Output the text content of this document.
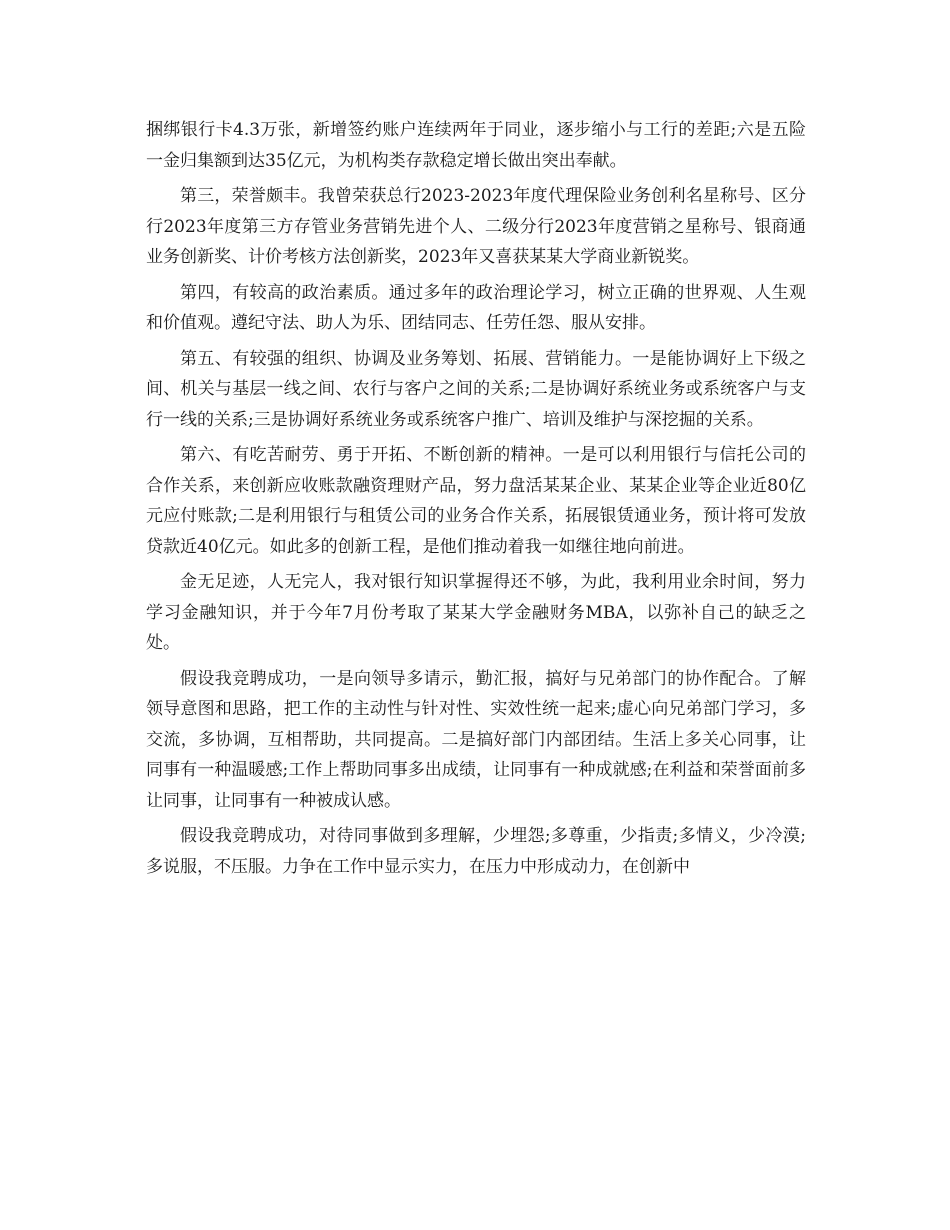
捆绑银行卡4.3万张，新增签约账户连续两年于同业，逐步缩小与工行的差距;六是五险一金归集额到达35亿元，为机构类存款稳定增长做出突出奉献。

第三，荣誉颇丰。我曾荣获总行2023-2023年度代理保险业务创利名星称号、区分行2023年度第三方存管业务营销先进个人、二级分行2023年度营销之星称号、银商通业务创新奖、计价考核方法创新奖，2023年又喜获某某大学商业新锐奖。

第四，有较高的政治素质。通过多年的政治理论学习，树立正确的世界观、人生观和价值观。遵纪守法、助人为乐、团结同志、任劳任怨、服从安排。

第五、有较强的组织、协调及业务筹划、拓展、营销能力。一是能协调好上下级之间、机关与基层一线之间、农行与客户之间的关系;二是协调好系统业务或系统客户与支行一线的关系;三是协调好系统业务或系统客户推广、培训及维护与深挖掘的关系。

第六、有吃苦耐劳、勇于开拓、不断创新的精神。一是可以利用银行与信托公司的合作关系，来创新应收账款融资理财产品，努力盘活某某企业、某某企业等企业近80亿元应付账款;二是利用银行与租赁公司的业务合作关系，拓展银赁通业务，预计将可发放贷款近40亿元。如此多的创新工程，是他们推动着我一如继往地向前进。

金无足迹，人无完人，我对银行知识掌握得还不够，为此，我利用业余时间，努力学习金融知识，并于今年7月份考取了某某大学金融财务MBA，以弥补自己的缺乏之处。

假设我竞聘成功，一是向领导多请示，勤汇报，搞好与兄弟部门的协作配合。了解领导意图和思路，把工作的主动性与针对性、实效性统一起来;虚心向兄弟部门学习，多交流，多协调，互相帮助，共同提高。二是搞好部门内部团结。生活上多关心同事，让同事有一种温暖感;工作上帮助同事多出成绩，让同事有一种成就感;在利益和荣誉面前多让同事，让同事有一种被成认感。

假设我竞聘成功，对待同事做到多理解，少埋怨;多尊重，少指责;多情义，少冷漠;多说服，不压服。力争在工作中显示实力，在压力中形成动力，在创新中
